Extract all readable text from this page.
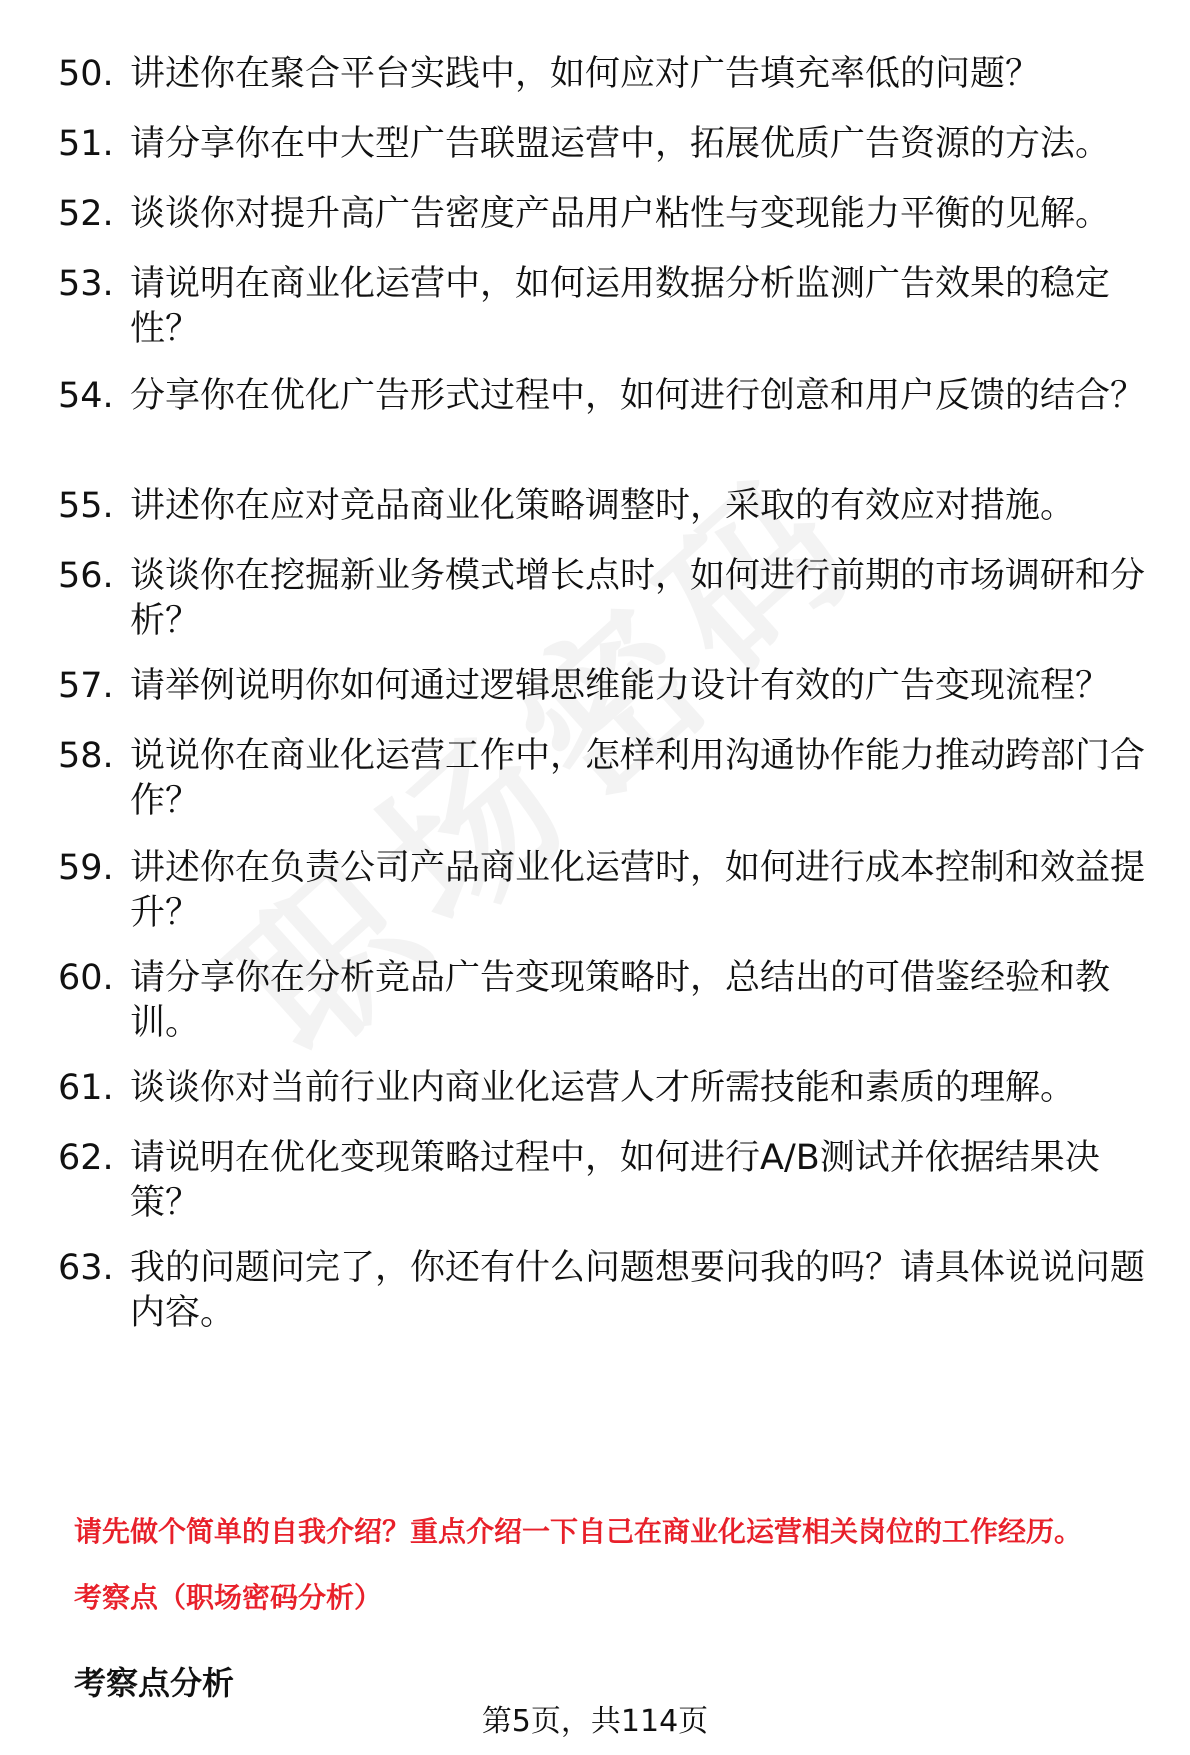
50. 讲述你在聚合平台实践中，如何应对广告填充率低的问题？
51. 请分享你在中大型广告联盟运营中，拓展优质广告资源的方法。
52. 谈谈你对提升高广告密度产品用户粘性与变现能力平衡的见解。
53. 请说明在商业化运营中，如何运用数据分析监测广告效果的稳定性？
54. 分享你在优化广告形式过程中，如何进行创意和用户反馈的结合？
55. 讲述你在应对竞品商业化策略调整时，采取的有效应对措施。
56. 谈谈你在挖掘新业务模式增长点时，如何进行前期的市场调研和分析？
57. 请举例说明你如何通过逻辑思维能力设计有效的广告变现流程？
58. 说说你在商业化运营工作中，怎样利用沟通协作能力推动跨部门合作？
59. 讲述你在负责公司产品商业化运营时，如何进行成本控制和效益提升？
60. 请分享你在分析竞品广告变现策略时，总结出的可借鉴经验和教训。
61. 谈谈你对当前行业内商业化运营人才所需技能和素质的理解。
62. 请说明在优化变现策略过程中，如何进行A/B测试并依据结果决策？
63. 我的问题问完了，你还有什么问题想要问我的吗？请具体说说问题内容。
请先做个简单的自我介绍？重点介绍一下自己在商业化运营相关岗位的工作经历。
考察点（职场密码分析）
考察点分析
第5页，共114页
